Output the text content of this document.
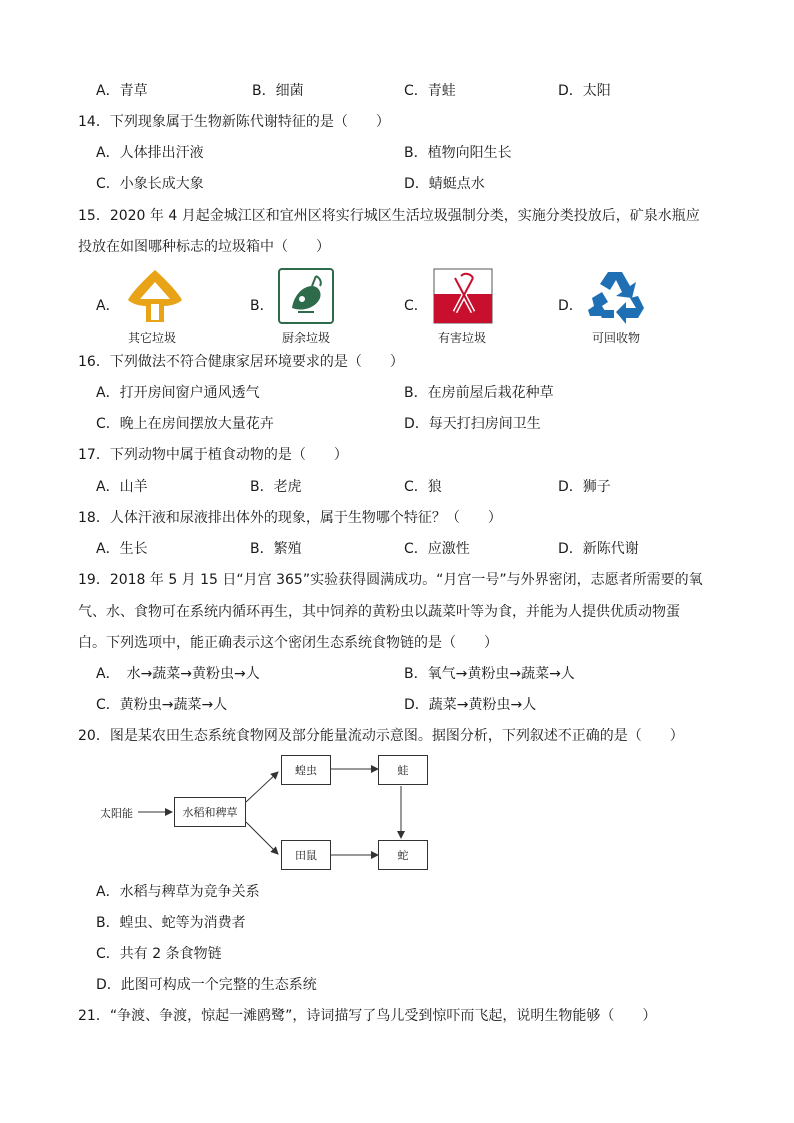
A．青草	B．细菌	C．青蛙	D．太阳
14．下列现象属于生物新陈代谢特征的是（　　）
A．人体排出汗液	B．植物向阳生长
C．小象长成大象	D．蜻蜓点水
15．2020 年 4 月起金城江区和宜州区将实行城区生活垃圾强制分类，实施分类投放后，矿泉水瓶应
投放在如图哪种标志的垃圾箱中（　　）
A．
其它垃圾
B．
厨余垃圾
C．
有害垃圾
D．
可回收物
16．下列做法不符合健康家居环境要求的是（　　）
A．打开房间窗户通风透气	B．在房前屋后栽花种草
C．晚上在房间摆放大量花卉	D．每天打扫房间卫生
17．下列动物中属于植食动物的是（　　）
A．山羊	B．老虎	C．狼	D．狮子
18．人体汗液和尿液排出体外的现象，属于生物哪个特征？（　　）
A．生长	B．繁殖	C．应激性	D．新陈代谢
19．2018 年 5 月 15 日“月宫 365”实验获得圆满成功。“月宫一号”与外界密闭，志愿者所需要的氧
气、水、食物可在系统内循环再生，其中饲养的黄粉虫以蔬菜叶等为食，并能为人提供优质动物蛋
白。下列选项中，能正确表示这个密闭生态系统食物链的是（　　）
A．　水→蔬菜→黄粉虫→人	B．氧气→黄粉虫→蔬菜→人
C．黄粉虫→蔬菜→人	D．蔬菜→黄粉虫→人
20．图是某农田生态系统食物网及部分能量流动示意图。据图分析，下列叙述不正确的是（　　）
太阳能	水稻和稗草
蝗虫	蛙
田鼠	蛇
A．水稻与稗草为竞争关系
B．蝗虫、蛇等为消费者
C．共有 2 条食物链
D．此图可构成一个完整的生态系统
21．“争渡、争渡，惊起一滩鸥鹭”，诗词描写了鸟儿受到惊吓而飞起，说明生物能够（　　）
